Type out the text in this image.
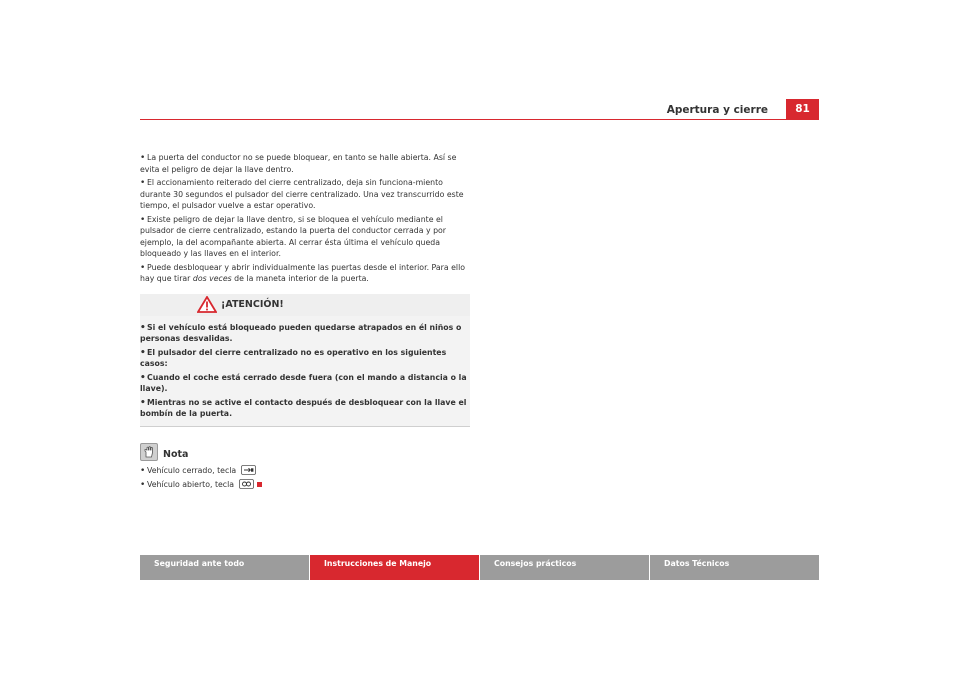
Apertura y cierre	81

• La puerta del conductor no se puede bloquear, en tanto se halle abierta. Así se evita el peligro de dejar la llave dentro.

• El accionamiento reiterado del cierre centralizado, deja sin funciona-miento durante 30 segundos el pulsador del cierre centralizado. Una vez transcurrido este tiempo, el pulsador vuelve a estar operativo.

• Existe peligro de dejar la llave dentro, si se bloquea el vehículo mediante el pulsador de cierre centralizado, estando la puerta del conductor cerrada y por ejemplo, la del acompañante abierta. Al cerrar ésta última el vehículo queda bloqueado y las llaves en el interior.

• Puede desbloquear y abrir individualmente las puertas desde el interior. Para ello hay que tirar dos veces de la maneta interior de la puerta.

¡ATENCIÓN!

•Si el vehículo está bloqueado pueden quedarse atrapados en él niños o personas desvalidas.

•El pulsador del cierre centralizado no es operativo en los siguientes casos:

•Cuando el coche está cerrado desde fuera (con el mando a distancia o la llave).

•Mientras no se active el contacto después de desbloquear con la llave el bombín de la puerta.

Nota

• Vehículo cerrado, tecla

• Vehículo abierto, tecla

Seguridad ante todo	Instrucciones de Manejo	Consejos prácticos	Datos Técnicos
